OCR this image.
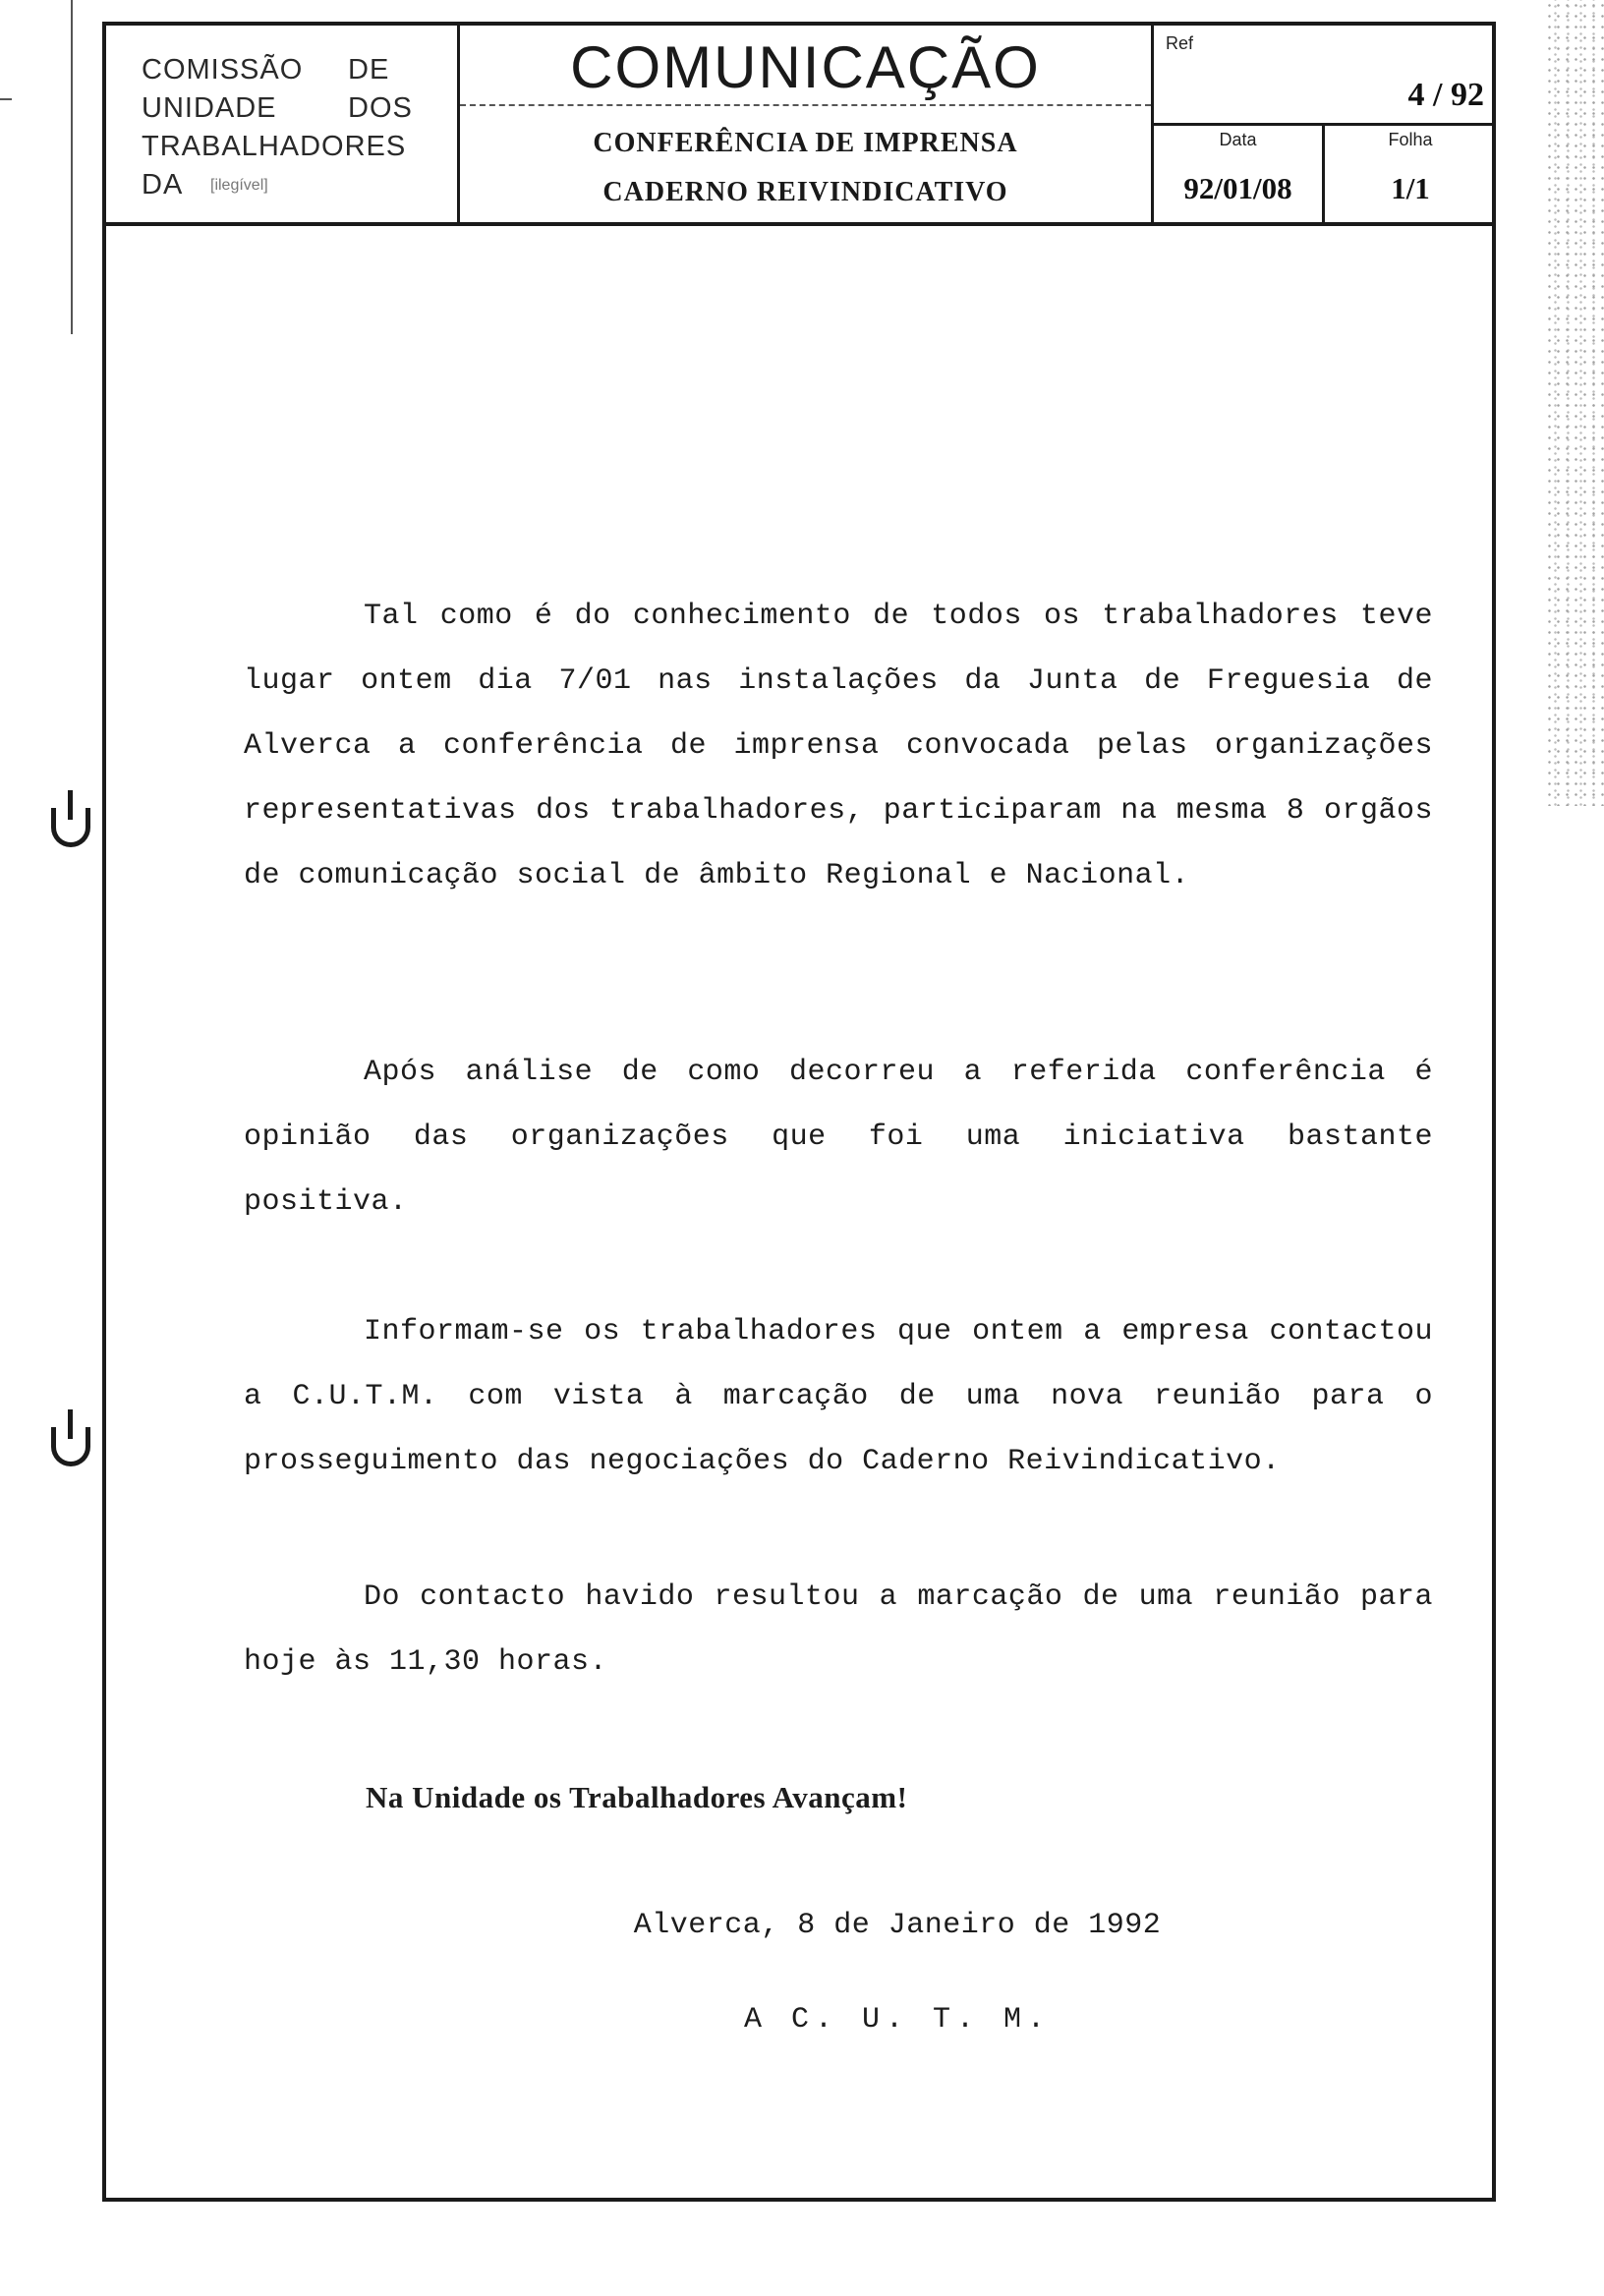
COMISSÃO	DE
UNIDADE	DOS
TRABALHADORES
DA	[ilegível]
COMUNICAÇÃO
CONFERÊNCIA DE IMPRENSA
CADERNO REIVINDICATIVO
Ref
4 / 92
Data
92/01/08
Folha
1/1
Tal como é do conhecimento de todos os trabalhadores teve lugar ontem dia 7/01 nas instalações da Junta de Freguesia de Alverca a conferência de imprensa convocada pelas organizações representativas dos trabalhadores, participaram na mesma 8 orgãos de comunicação social de âmbito Regional e Nacional.
Após análise de como decorreu a referida conferência é opinião das organizações que foi uma iniciativa bastante positiva.
Informam-se os trabalhadores que ontem a empresa contactou a C.U.T.M. com vista à marcação de uma nova reunião para o prosseguimento das negociações do Caderno Reivindicativo.
Do contacto havido resultou a marcação de uma reunião para hoje às 11,30 horas.
Na Unidade os Trabalhadores Avançam!
Alverca, 8 de Janeiro de 1992
A C. U. T. M.
